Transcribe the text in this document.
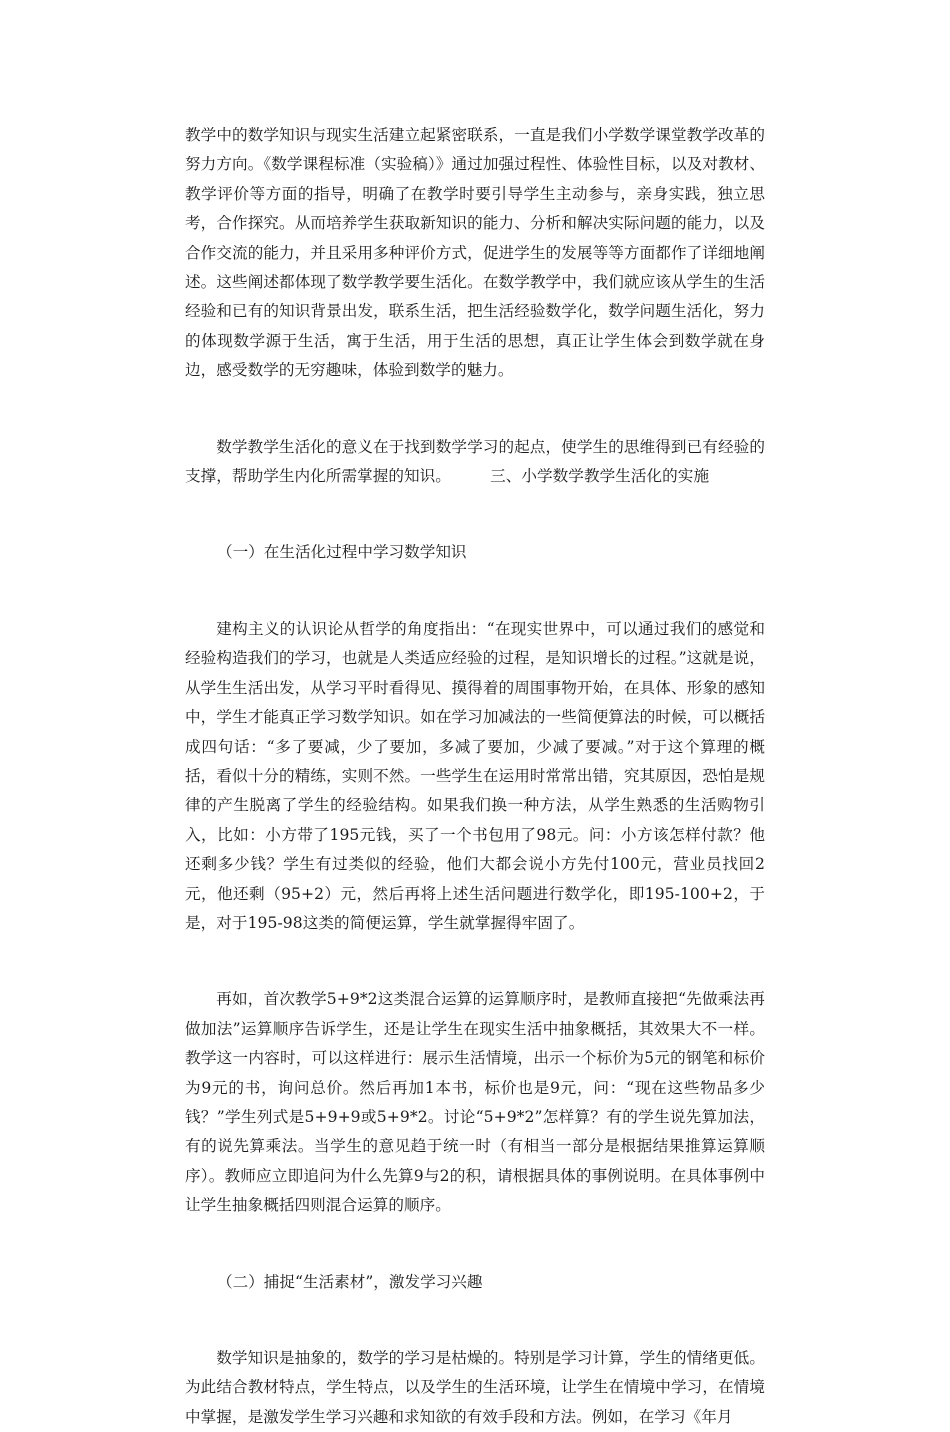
教学中的数学知识与现实生活建立起紧密联系，一直是我们小学数学课堂教学改革的努力方向。《数学课程标准（实验稿）》通过加强过程性、体验性目标，以及对教材、教学评价等方面的指导，明确了在教学时要引导学生主动参与，亲身实践，独立思考，合作探究。从而培养学生获取新知识的能力、分析和解决实际问题的能力，以及合作交流的能力，并且采用多种评价方式，促进学生的发展等等方面都作了详细地阐述。这些阐述都体现了数学教学要生活化。在数学教学中，我们就应该从学生的生活经验和已有的知识背景出发，联系生活，把生活经验数学化，数学问题生活化，努力的体现数学源于生活，寓于生活，用于生活的思想，真正让学生体会到数学就在身边，感受数学的无穷趣味，体验到数学的魅力。

数学教学生活化的意义在于找到数学学习的起点，使学生的思维得到已有经验的支撑，帮助学生内化所需掌握的知识。　　　三、小学数学教学生活化的实施

（一）在生活化过程中学习数学知识

建构主义的认识论从哲学的角度指出：“在现实世界中，可以通过我们的感觉和经验构造我们的学习，也就是人类适应经验的过程，是知识增长的过程。”这就是说，从学生生活出发，从学习平时看得见、摸得着的周围事物开始，在具体、形象的感知中，学生才能真正学习数学知识。如在学习加减法的一些简便算法的时候，可以概括成四句话：“多了要减，少了要加，多减了要加，少减了要减。”对于这个算理的概括，看似十分的精练，实则不然。一些学生在运用时常常出错，究其原因，恐怕是规律的产生脱离了学生的经验结构。如果我们换一种方法，从学生熟悉的生活购物引入，比如：小方带了195元钱，买了一个书包用了98元。问：小方该怎样付款？他还剩多少钱？学生有过类似的经验，他们大都会说小方先付100元，营业员找回2元，他还剩（95+2）元，然后再将上述生活问题进行数学化，即195-100+2，于是，对于195-98这类的简便运算，学生就掌握得牢固了。

再如，首次教学5+9*2这类混合运算的运算顺序时，是教师直接把“先做乘法再做加法”运算顺序告诉学生，还是让学生在现实生活中抽象概括，其效果大不一样。教学这一内容时，可以这样进行：展示生活情境，出示一个标价为5元的钢笔和标价为9元的书，询问总价。然后再加1本书，标价也是9元，问：“现在这些物品多少钱？”学生列式是5+9+9或5+9*2。讨论“5+9*2”怎样算？有的学生说先算加法，有的说先算乘法。当学生的意见趋于统一时（有相当一部分是根据结果推算运算顺序）。教师应立即追问为什么先算9与2的积，请根据具体的事例说明。在具体事例中让学生抽象概括四则混合运算的顺序。

（二）捕捉“生活素材”，激发学习兴趣

数学知识是抽象的，数学的学习是枯燥的。特别是学习计算，学生的情绪更低。为此结合教材特点，学生特点，以及学生的生活环境，让学生在情境中学习，在情境中掌握，是激发学生学习兴趣和求知欲的有效手段和方法。例如，在学习《年月
